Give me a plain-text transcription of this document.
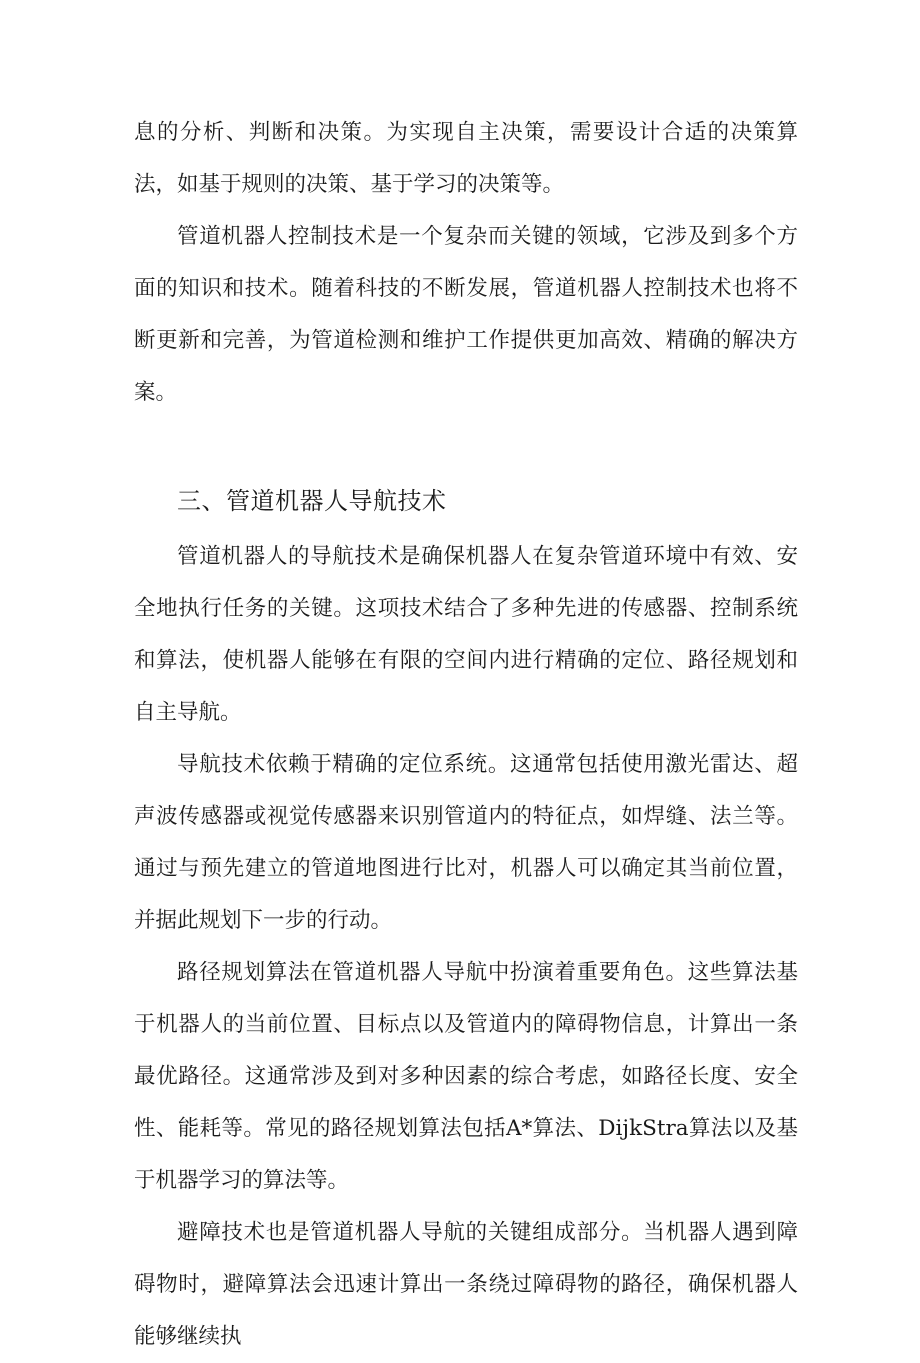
息的分析、判断和决策。为实现自主决策，需要设计合适的决策算法，如基于规则的决策、基于学习的决策等。

管道机器人控制技术是一个复杂而关键的领域，它涉及到多个方面的知识和技术。随着科技的不断发展，管道机器人控制技术也将不断更新和完善，为管道检测和维护工作提供更加高效、精确的解决方案。

三、管道机器人导航技术

管道机器人的导航技术是确保机器人在复杂管道环境中有效、安全地执行任务的关键。这项技术结合了多种先进的传感器、控制系统和算法，使机器人能够在有限的空间内进行精确的定位、路径规划和自主导航。

导航技术依赖于精确的定位系统。这通常包括使用激光雷达、超声波传感器或视觉传感器来识别管道内的特征点，如焊缝、法兰等。通过与预先建立的管道地图进行比对，机器人可以确定其当前位置，并据此规划下一步的行动。

路径规划算法在管道机器人导航中扮演着重要角色。这些算法基于机器人的当前位置、目标点以及管道内的障碍物信息，计算出一条最优路径。这通常涉及到对多种因素的综合考虑，如路径长度、安全性、能耗等。常见的路径规划算法包括A*算法、DijkStra算法以及基于机器学习的算法等。

避障技术也是管道机器人导航的关键组成部分。当机器人遇到障碍物时，避障算法会迅速计算出一条绕过障碍物的路径，确保机器人能够继续执
